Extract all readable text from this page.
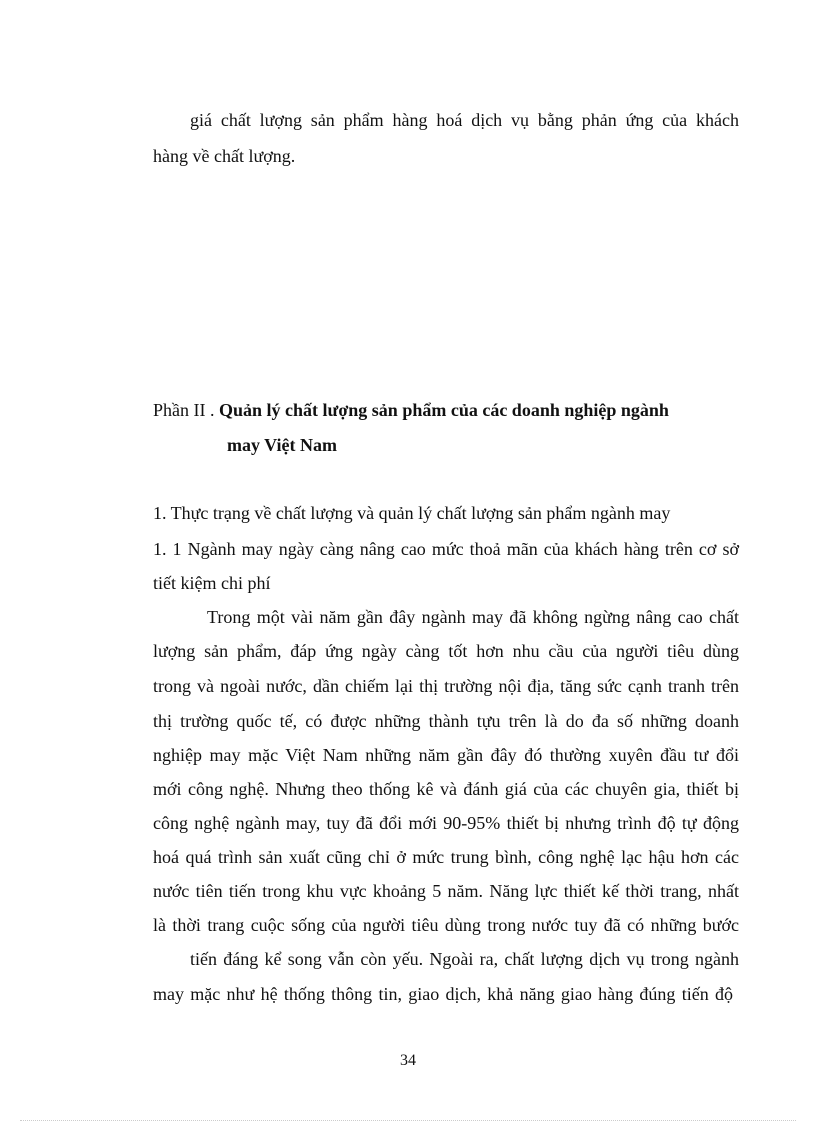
giá chất lượng sản phẩm hàng hoá dịch vụ bằng phản ứng của khách
hàng về chất lượng.
Phần II . Quản lý chất lượng sản phẩm của các doanh nghiệp ngành
may Việt Nam
1. Thực trạng về chất lượng và quản lý chất lượng sản phẩm ngành may
1. 1 Ngành may ngày càng nâng cao mức thoả mãn của khách hàng trên cơ sở
tiết kiệm chi phí
Trong một vài năm gần đây ngành may đã không ngừng nâng cao chất
lượng sản phẩm, đáp ứng ngày càng tốt hơn nhu cầu của người tiêu dùng
trong và ngoài nước, dần chiếm lại thị trường nội địa, tăng sức cạnh tranh trên
thị trường quốc tế, có được những thành tựu trên là do đa số những doanh
nghiệp may mặc Việt Nam những năm gần đây đó thường xuyên đầu tư đổi
mới công nghệ. Nhưng theo thống kê và đánh giá của các chuyên gia, thiết bị
công nghệ ngành may, tuy đã đổi mới 90-95% thiết bị nhưng trình độ tự động
hoá quá trình sản xuất cũng chỉ ở mức trung bình, công nghệ lạc hậu hơn các
nước tiên tiến trong khu vực khoảng 5 năm. Năng lực thiết kế thời trang, nhất
là thời trang cuộc sống của người tiêu dùng trong nước tuy đã có những bước
tiến đáng kể song vẫn còn yếu. Ngoài ra, chất lượng dịch vụ trong ngành
may mặc như hệ thống thông tin, giao dịch, khả năng giao hàng đúng tiến độ
34
